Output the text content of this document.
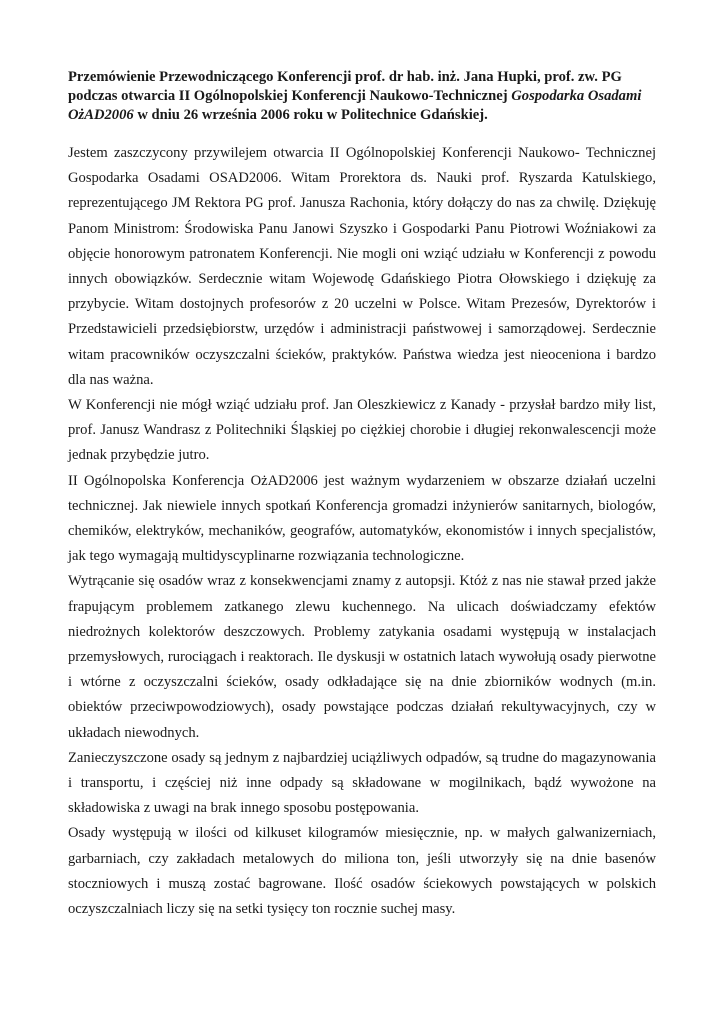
Przemówienie Przewodniczącego Konferencji prof. dr hab. inż. Jana Hupki, prof. zw. PG podczas otwarcia II Ogólnopolskiej Konferencji Naukowo-Technicznej Gospodarka Osadami OżAD2006 w dniu 26 września 2006 roku w Politechnice Gdańskiej.

Jestem zaszczycony przywilejem otwarcia II Ogólnopolskiej Konferencji Naukowo- Technicznej Gospodarka Osadami OSAD2006. Witam Prorektora ds. Nauki prof. Ryszarda Katulskiego, reprezentującego JM Rektora PG prof. Janusza Rachonia, który dołączy do nas za chwilę. Dziękuję Panom Ministrom: Środowiska Panu Janowi Szyszko i Gospodarki Panu Piotrowi Woźniakowi za objęcie honorowym patronatem Konferencji. Nie mogli oni wziąć udziału w Konferencji z powodu innych obowiązków. Serdecznie witam Wojewodę Gdańskiego Piotra Ołowskiego i dziękuję za przybycie. Witam dostojnych profesorów z 20 uczelni w Polsce. Witam Prezesów, Dyrektorów i Przedstawicieli przedsiębiorstw, urzędów i administracji państwowej i samorządowej. Serdecznie witam pracowników oczyszczalni ścieków, praktyków. Państwa wiedza jest nieoceniona i bardzo dla nas ważna.

W Konferencji nie mógł wziąć udziału prof. Jan Oleszkiewicz z Kanady - przysłał bardzo miły list, prof. Janusz Wandrasz z Politechniki Śląskiej po ciężkiej chorobie i długiej rekonwalescencji może jednak przybędzie jutro.

II Ogólnopolska Konferencja OżAD2006 jest ważnym wydarzeniem w obszarze działań uczelni technicznej. Jak niewiele innych spotkań Konferencja gromadzi inżynierów sanitarnych, biologów, chemików, elektryków, mechaników, geografów, automatyków, ekonomistów i innych specjalistów, jak tego wymagają multidyscyplinarne rozwiązania technologiczne.

Wytrącanie się osadów wraz z konsekwencjami znamy z autopsji. Któż z nas nie stawał przed jakże frapującym problemem zatkanego zlewu kuchennego. Na ulicach doświadczamy efektów niedrożnych kolektorów deszczowych. Problemy zatykania osadami występują w instalacjach przemysłowych, rurociągach i reaktorach. Ile dyskusji w ostatnich latach wywołują osady pierwotne i wtórne z oczyszczalni ścieków, osady odkładające się na dnie zbiorników wodnych (m.in. obiektów przeciwpowodziowych), osady powstające podczas działań rekultywacyjnych, czy w układach niewodnych.

Zanieczyszczone osady są jednym z najbardziej uciążliwych odpadów, są trudne do magazynowania i transportu, i częściej niż inne odpady są składowane w mogilnikach, bądź wywożone na składowiska z uwagi na brak innego sposobu postępowania.

Osady występują w ilości od kilkuset kilogramów miesięcznie, np. w małych galwanizerniach, garbarniach, czy zakładach metalowych do miliona ton, jeśli utworzyły się na dnie basenów stoczniowych i muszą zostać bagrowane. Ilość osadów ściekowych powstających w polskich oczyszczalniach liczy się na setki tysięcy ton rocznie suchej masy.
